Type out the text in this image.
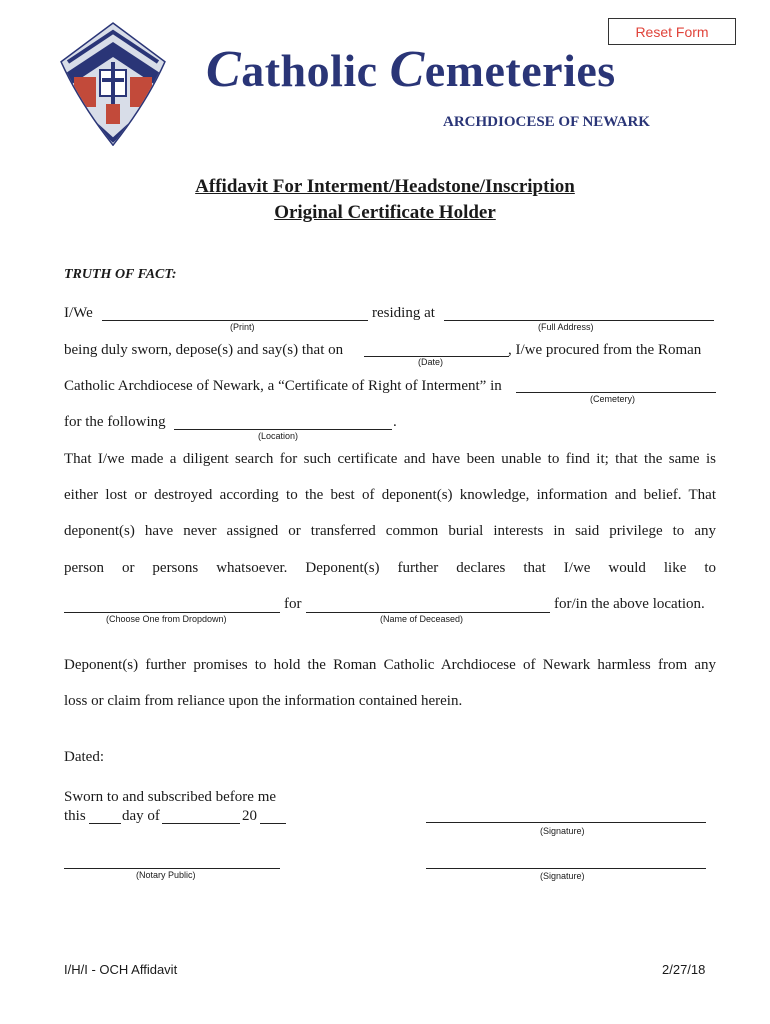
Reset Form
Catholic Cemeteries
ARCHDIOCESE OF NEWARK
Affidavit For Interment/Headstone/Inscription
Original Certificate Holder
TRUTH OF FACT:
I/We
(Print)
residing at
(Full Address)
being duly sworn, depose(s) and say(s) that on
(Date)
, I/we procured from the Roman
Catholic Archdiocese of Newark, a “Certificate of Right of Interment” in
(Cemetery)
for the following	.
(Location)
That I/we made a diligent search for such certificate and have been unable to find it; that the same is
either lost or destroyed according to the best of deponent(s) knowledge, information and belief. That
deponent(s) have never assigned or transferred common burial interests in said privilege to any
person or persons whatsoever. Deponent(s) further declares that I/we would like to
(Choose One from Dropdown)
for
(Name of Deceased)
for/in the above location.
Deponent(s) further promises to hold the Roman Catholic Archdiocese of Newark harmless from any
loss or claim from reliance upon the information contained herein.
Dated:
Sworn to and subscribed before me
this day of	20
(Signature)
(Notary Public)	(Signature)
I/H/I - OCH Affidavit	2/27/18
